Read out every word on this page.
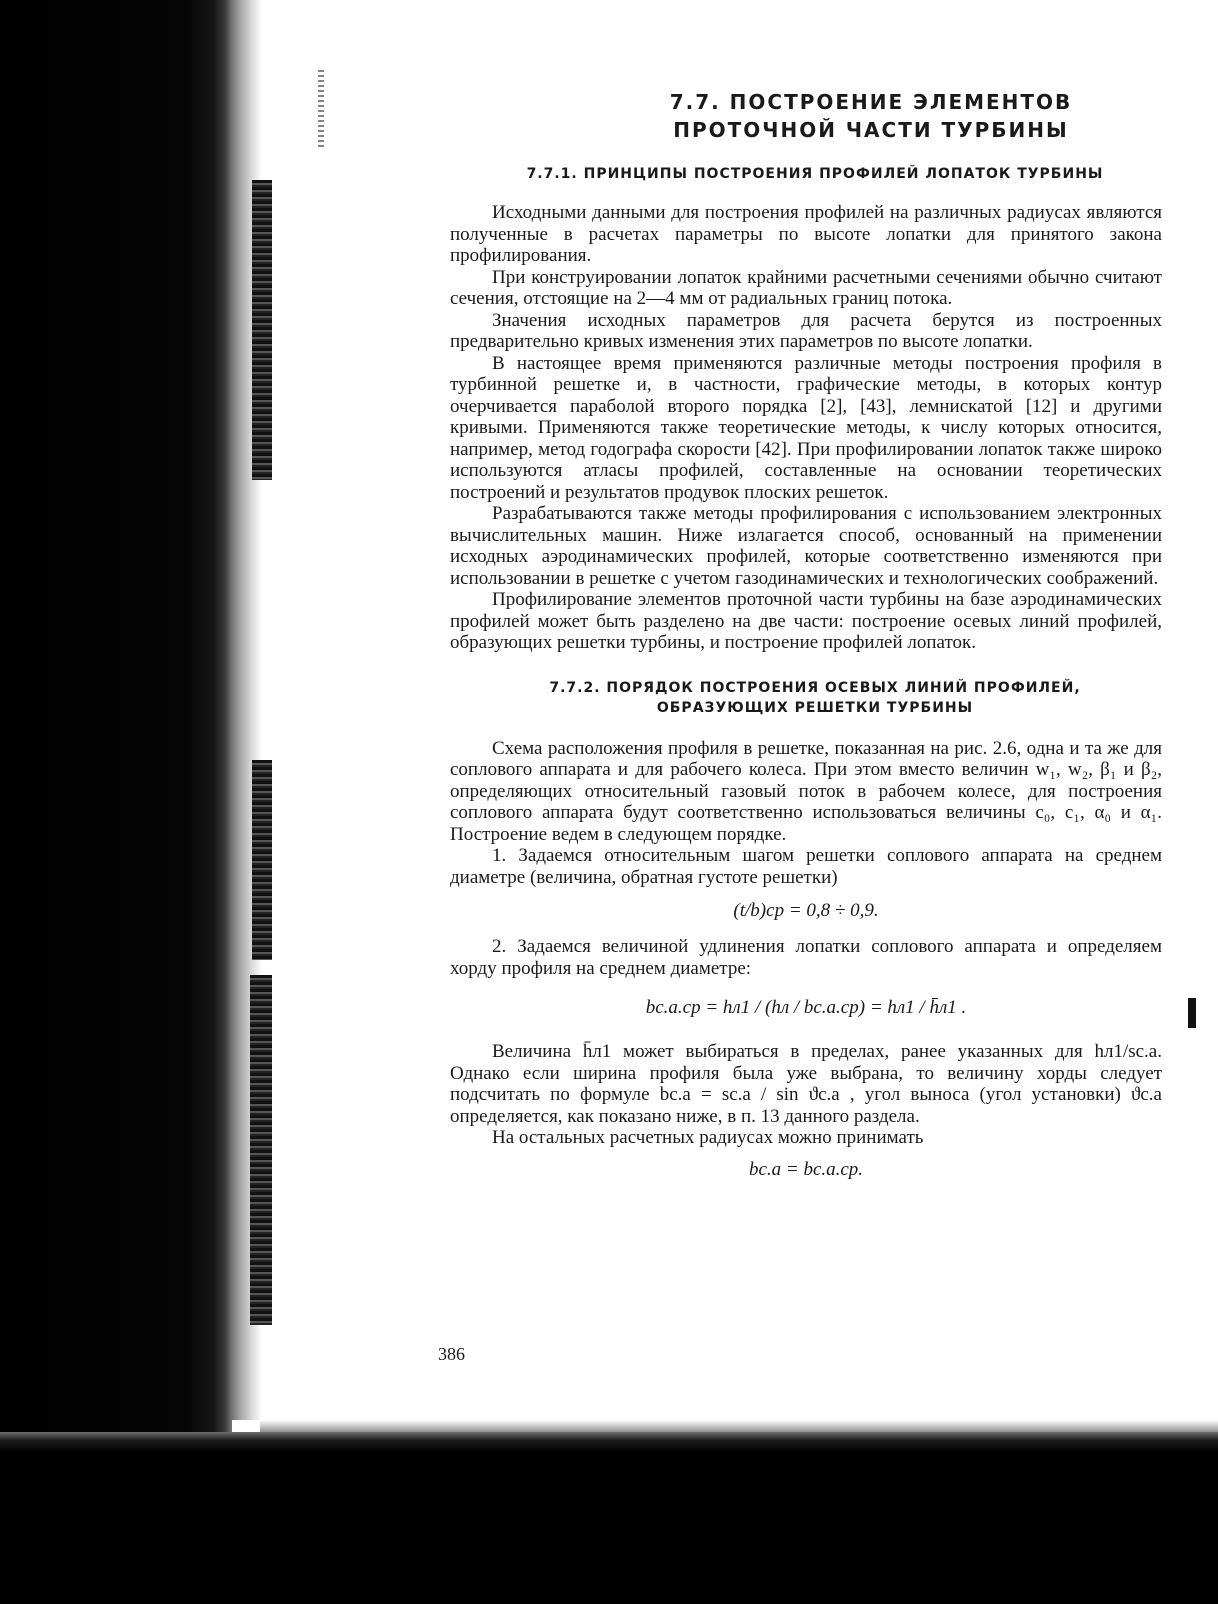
7.7. ПОСТРОЕНИЕ ЭЛЕМЕНТОВ
ПРОТОЧНОЙ ЧАСТИ ТУРБИНЫ
7.7.1. ПРИНЦИПЫ ПОСТРОЕНИЯ ПРОФИЛЕЙ ЛОПАТОК ТУРБИНЫ

Исходными данными для построения профилей на различных радиусах являются полученные в расчетах параметры по высоте лопатки для принятого закона профилирования.

При конструировании лопаток крайними расчетными сечениями обычно считают сечения, отстоящие на 2—4 мм от радиальных границ потока.

Значения исходных параметров для расчета берутся из построенных предварительно кривых изменения этих параметров по высоте лопатки.

В настоящее время применяются различные методы построения профиля в турбинной решетке и, в частности, графические методы, в которых контур очерчивается параболой второго порядка [2], [43], лемнискатой [12] и другими кривыми. Применяются также теоретические методы, к числу которых относится, например, метод годографа скорости [42]. При профилировании лопаток также широко используются атласы профилей, составленные на основании теоретических построений и результатов продувок плоских решеток.

Разрабатываются также методы профилирования с использованием электронных вычислительных машин. Ниже излагается способ, основанный на применении исходных аэродинамических профилей, которые соответственно изменяются при использовании в решетке с учетом газодинамических и технологических соображений.

Профилирование элементов проточной части турбины на базе аэродинамических профилей может быть разделено на две части: построение осевых линий профилей, образующих решетки турбины, и построение профилей лопаток.

7.7.2. ПОРЯДОК ПОСТРОЕНИЯ ОСЕВЫХ ЛИНИЙ ПРОФИЛЕЙ,
ОБРАЗУЮЩИХ РЕШЕТКИ ТУРБИНЫ

Схема расположения профиля в решетке, показанная на рис. 2.6, одна и та же для соплового аппарата и для рабочего колеса. При этом вместо величин w₁, w₂, β₁ и β₂, определяющих относительный газовый поток в рабочем колесе, для построения соплового аппарата будут соответственно использоваться величины c₀, c₁, α₀ и α₁. Построение ведем в следующем порядке.

1. Задаемся относительным шагом решетки соплового аппарата на среднем диаметре (величина, обратная густоте решетки)

(t/b)ср = 0,8 ÷ 0,9.

2. Задаемся величиной удлинения лопатки соплового аппарата и определяем хорду профиля на среднем диаметре:

bс.а.ср = hл1 / (hл / bс.а.ср) = hл1 / h̄л1 .

Величина h̄л1 может выбираться в пределах, ранее указанных для hл1/sс.а. Однако если ширина профиля была уже выбрана, то величину хорды следует подсчитать по формуле bс.а = sс.а / sin ϑс.а , угол выноса (угол установки) ϑс.а определяется, как показано ниже, в п. 13 данного раздела.

На остальных расчетных радиусах можно принимать

bс.а = bс.а.ср.
386
